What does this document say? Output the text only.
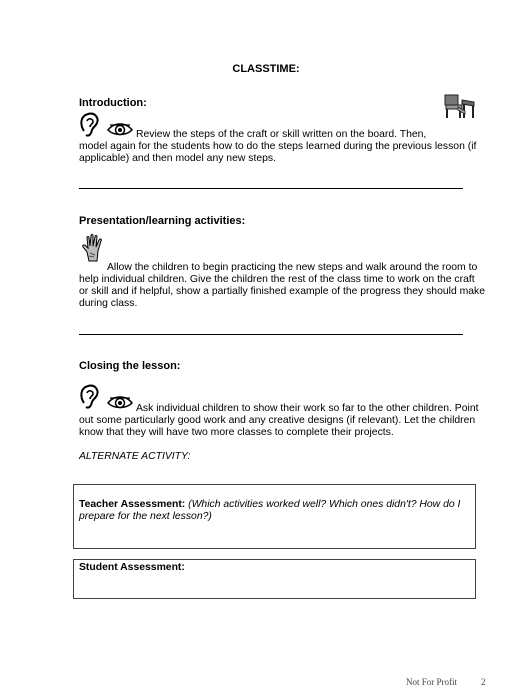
CLASSTIME:
Introduction:
Review the steps of the craft or skill written on the board. Then,
model again for the students how to do the steps learned during the previous lesson (if
applicable) and then model any new steps.
Presentation/learning activities:
Allow the children to begin practicing the new steps and walk around the room to
help individual children. Give the children the rest of the class time to work on the craft
or skill and if helpful, show a partially finished example of the progress they should make
during class.
Closing the lesson:
Ask individual children to show their work so far to the other children. Point
out some particularly good work and any creative designs (if relevant). Let the children
know that they will have two more classes to complete their projects.
ALTERNATE ACTIVITY:
Teacher Assessment: (Which activities worked well? Which ones didn't? How do I
prepare for the next lesson?)
Student Assessment:
Not For Profit	2
